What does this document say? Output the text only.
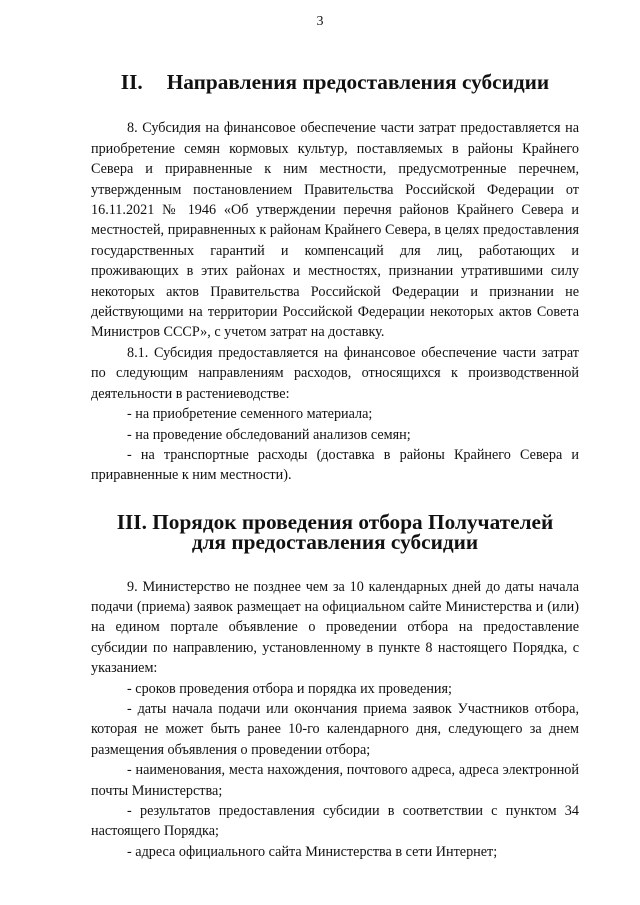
3
II. Направления предоставления субсидии

8. Субсидия на финансовое обеспечение части затрат предоставляется на приобретение семян кормовых культур, поставляемых в районы Крайнего Севера и приравненные к ним местности, предусмотренные перечнем, утвержденным постановлением Правительства Российской Федерации от 16.11.2021 № 1946 «Об утверждении перечня районов Крайнего Севера и местностей, приравненных к районам Крайнего Севера, в целях предоставления государственных гарантий и компенсаций для лиц, работающих и проживающих в этих районах и местностях, признании утратившими силу некоторых актов Правительства Российской Федерации и признании не действующими на территории Российской Федерации некоторых актов Совета Министров СССР», с учетом затрат на доставку.

8.1. Субсидия предоставляется на финансовое обеспечение части затрат по следующим направлениям расходов, относящихся к производственной деятельности в растениеводстве:

- на приобретение семенного материала;

- на проведение обследований анализов семян;

- на транспортные расходы (доставка в районы Крайнего Севера и приравненные к ним местности).

III. Порядок проведения отбора Получателей
для предоставления субсидии

9. Министерство не позднее чем за 10 календарных дней до даты начала подачи (приема) заявок размещает на официальном сайте Министерства и (или) на едином портале объявление о проведении отбора на предоставление субсидии по направлению, установленному в пункте 8 настоящего Порядка, с указанием:

- сроков проведения отбора и порядка их проведения;

- даты начала подачи или окончания приема заявок Участников отбора, которая не может быть ранее 10-го календарного дня, следующего за днем размещения объявления о проведении отбора;

- наименования, места нахождения, почтового адреса, адреса электронной почты Министерства;

- результатов предоставления субсидии в соответствии с пунктом 34 настоящего Порядка;

- адреса официального сайта Министерства в сети Интернет;
